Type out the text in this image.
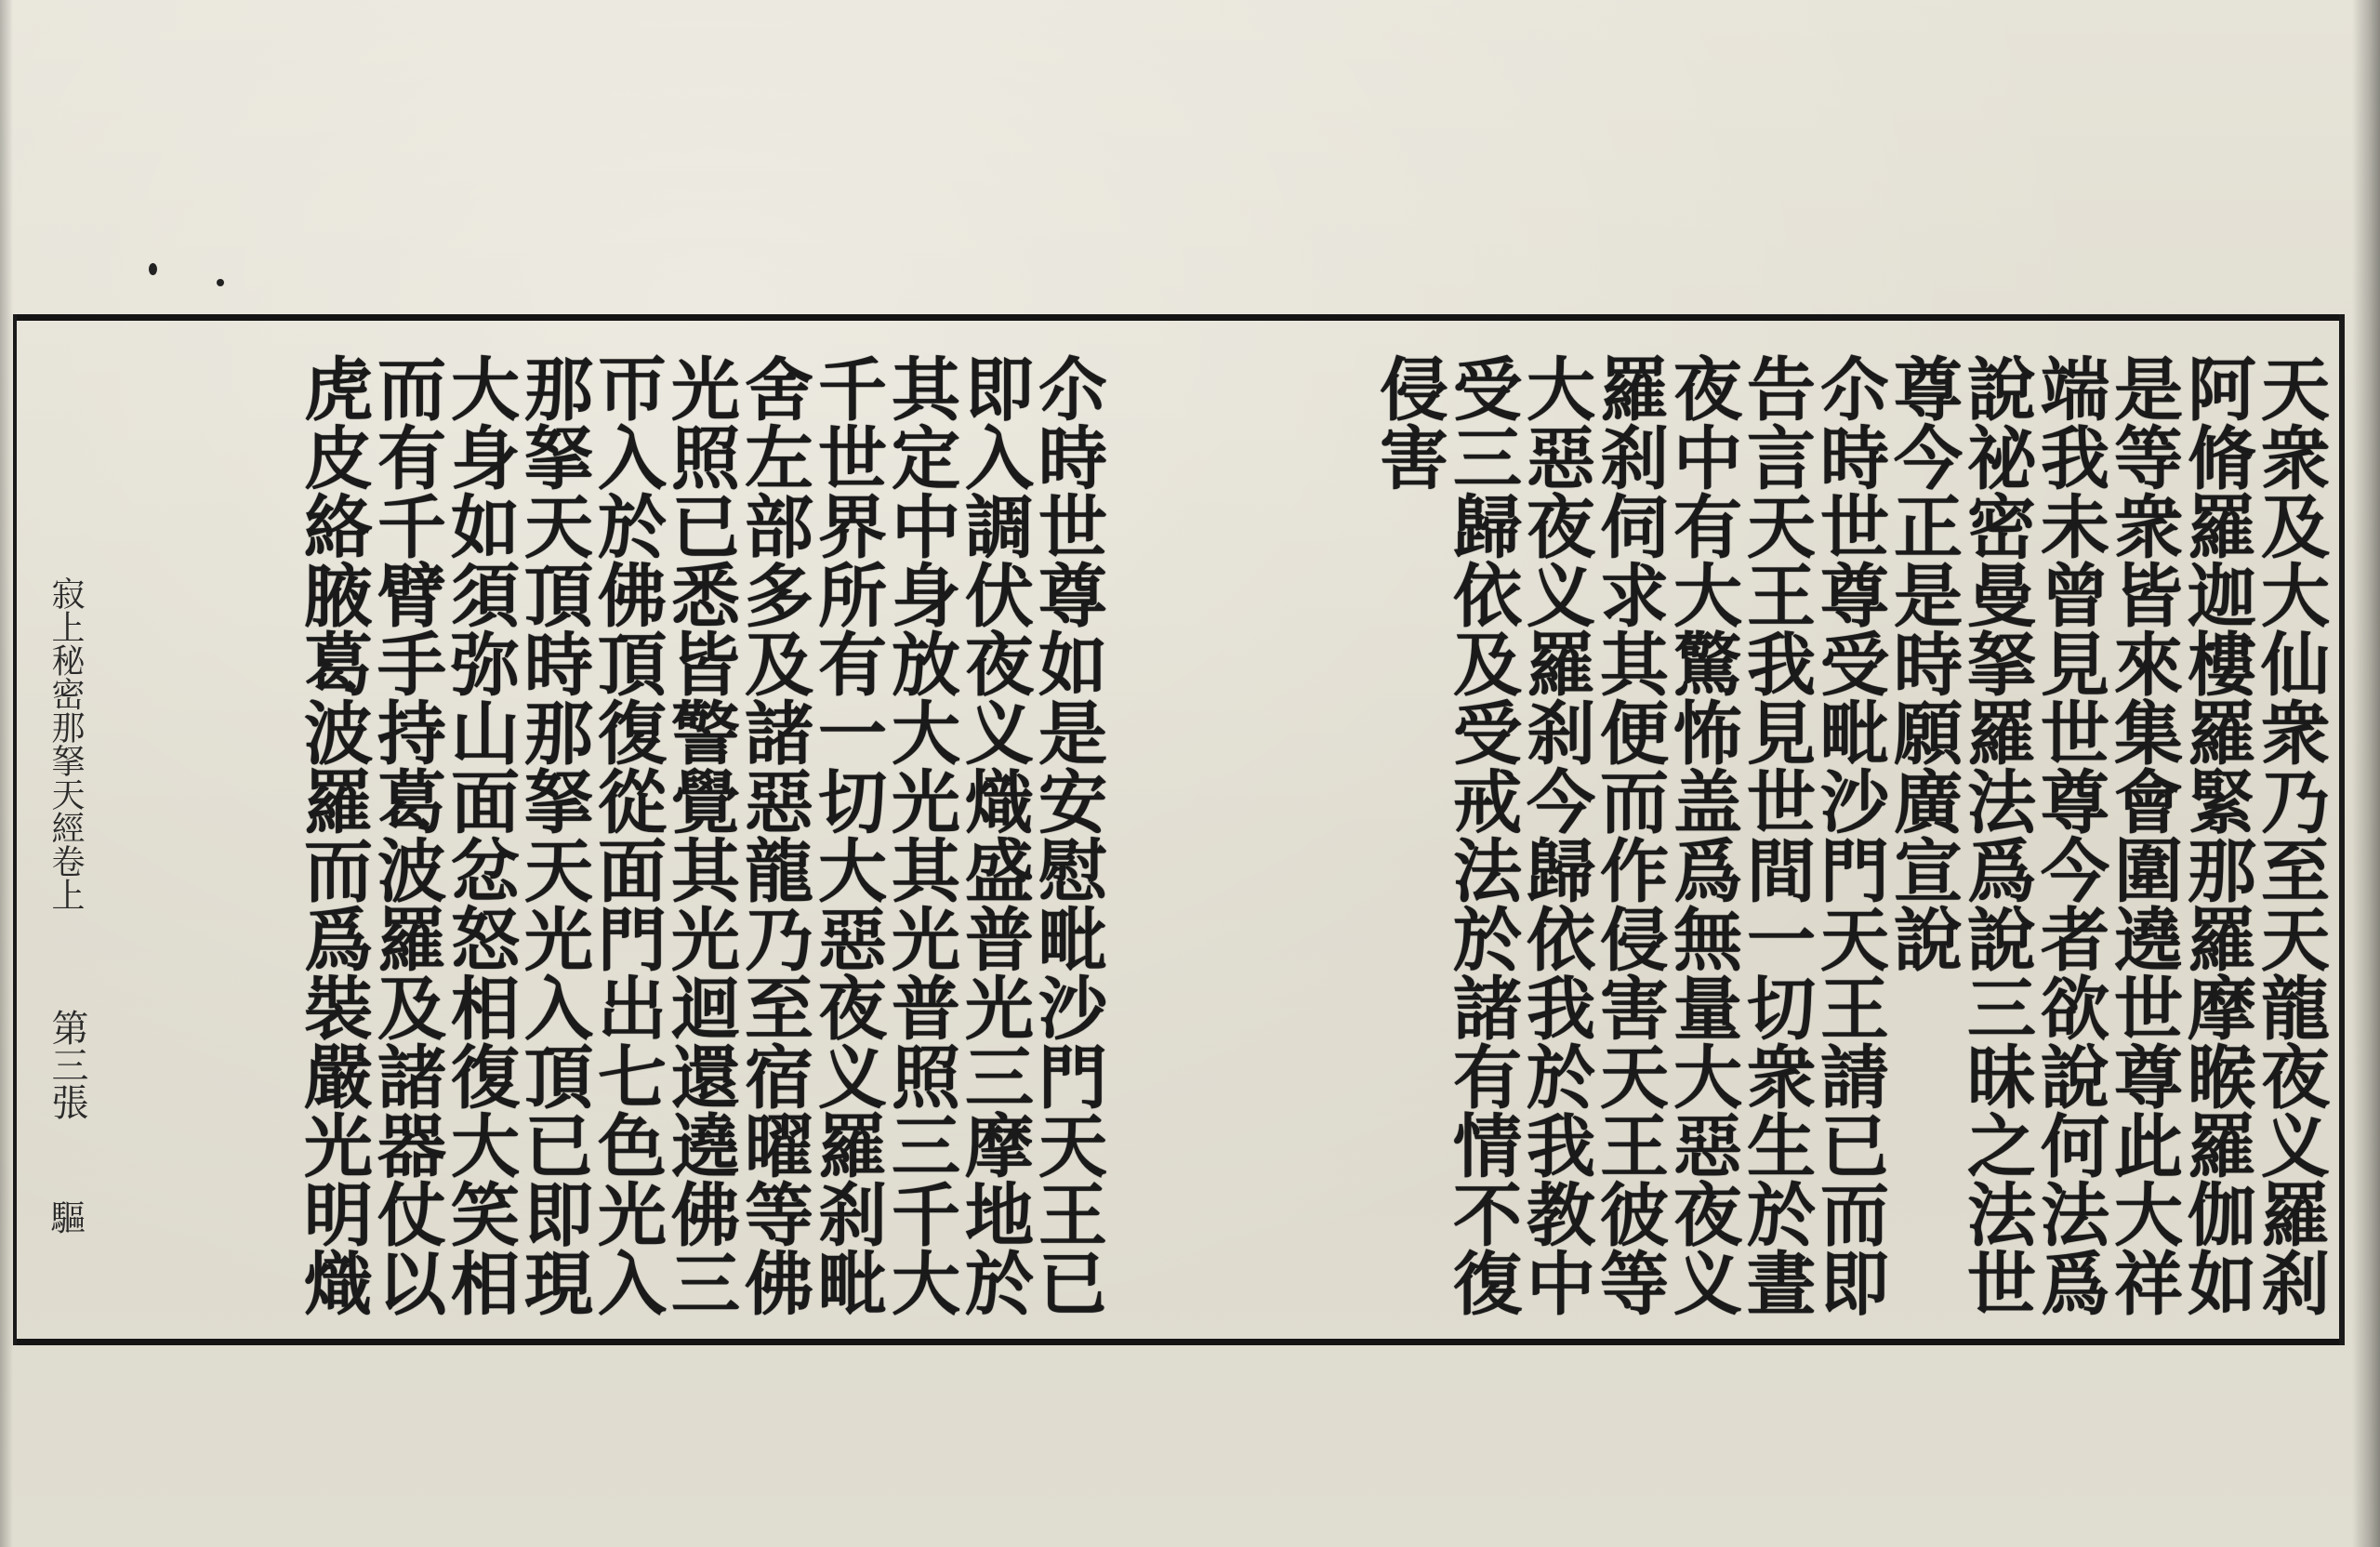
天衆及大仙衆乃至天龍夜义羅刹
阿脩羅迦樓羅緊那羅摩睺羅伽如
是等衆皆來集會圍遶世尊此大祥
端我未曾見世尊今者欲說何法爲
說祕密曼拏羅法爲說三昧之法世
尊今正是時願廣宣說
尒時世尊受毗沙門天王請已而即
告言天王我見世間一切衆生於晝
夜中有大驚怖盖爲無量大惡夜义
羅刹伺求其便而作侵害天王彼等
大惡夜义羅刹今歸依我於我教中
受三歸依及受戒法於諸有情不復
侵害
尒時世尊如是安慰毗沙門天王已
即入調伏夜义熾盛普光三摩地於
其定中身放大光其光普照三千大
千世界所有一切大惡夜义羅刹毗
舍左部多及諸惡龍乃至宿曜等佛
光照已悉皆警覺其光迴還遶佛三
帀入於佛頂復從面門出七色光入
那拏天頂時那拏天光入頂已即現
大身如須弥山面忿怒相復大笑相
而有千臂手持葛波羅及諸器仗以
虎皮絡腋葛波羅而爲裝嚴光明熾
寂上秘密那拏天經卷上
第三張
驅
